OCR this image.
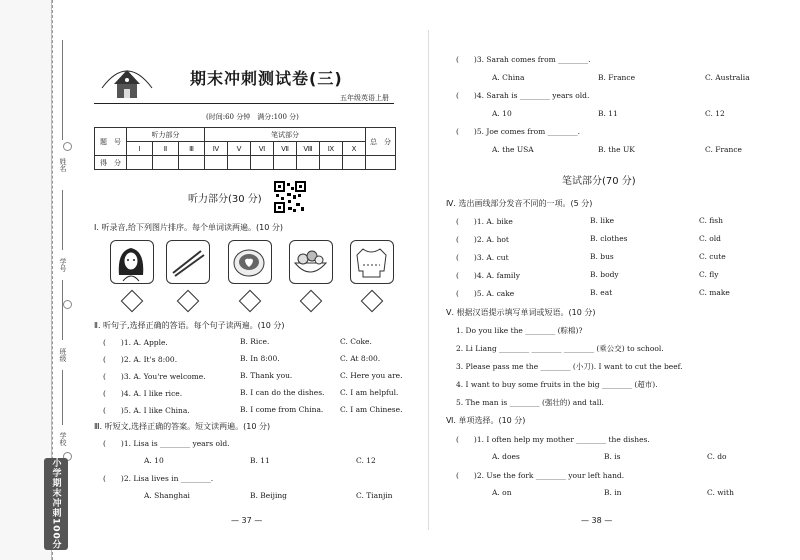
姓名
学号
班级
学校
小学期末冲刺100分
期末冲刺测试卷(三)
五年级英语上册
(时间:60 分钟　满分:100 分)
题　号	听力部分			笔试部分							总　分
	Ⅰ	Ⅱ	Ⅲ	Ⅳ	Ⅴ	Ⅵ	Ⅶ	Ⅷ	Ⅸ	Ⅹ	
得　分											
听力部分(30 分)
Ⅰ. 听录音,给下列图片排序。每个单词读两遍。(10 分)
Ⅱ. 听句子,选择正确的答语。每个句子读两遍。(10 分)
(　　)1. A. Apple.	B. Rice.	C. Coke.
(　　)2. A. It's 8:00.	B. In 8:00.	C. At 8:00.
(　　)3. A. You're welcome.	B. Thank you.	C. Here you are.
(　　)4. A. I like rice.	B. I can do the dishes. C. I am helpful.
(　　)5. A. I like China.	B. I come from China. C. I am Chinese.
Ⅲ. 听短文,选择正确的答案。短文读两遍。(10 分)
(　　)1. Lisa is ________ years old.
A. 10	B. 11	C. 12
(　　)2. Lisa lives in ________.
A. Shanghai	B. Beijing	C. Tianjin
— 37 —
(　　)3. Sarah comes from ________.
A. China	B. France	C. Australia
(　　)4. Sarah is ________ years old.
A. 10	B. 11	C. 12
(　　)5. Joe comes from ________.
A. the USA	B. the UK	C. France
笔试部分(70 分)
Ⅳ. 选出画线部分发音不同的一项。(5 分)
(　　)1. A. bike	B. like	C. fish
(　　)2. A. hot	B. clothes	C. old
(　　)3. A. cut	B. bus	C. cute
(　　)4. A. family	B. body	C. fly
(　　)5. A. cake	B. eat	C. make
Ⅴ. 根据汉语提示填写单词或短语。(10 分)
1. Do you like the ________ (粽棉)?
2. Li Liang ________ ________ ________ (乘公交) to school.
3. Please pass me the ________ (小刀). I want to cut the beef.
4. I want to buy some fruits in the big ________ (超市).
5. The man is ________ (强壮的) and tall.
Ⅵ. 单项选择。(10 分)
(　　)1. I often help my mother ________ the dishes.
A. does	B. is	C. do
(　　)2. Use the fork ________ your left hand.
A. on	B. in	C. with
— 38 —
